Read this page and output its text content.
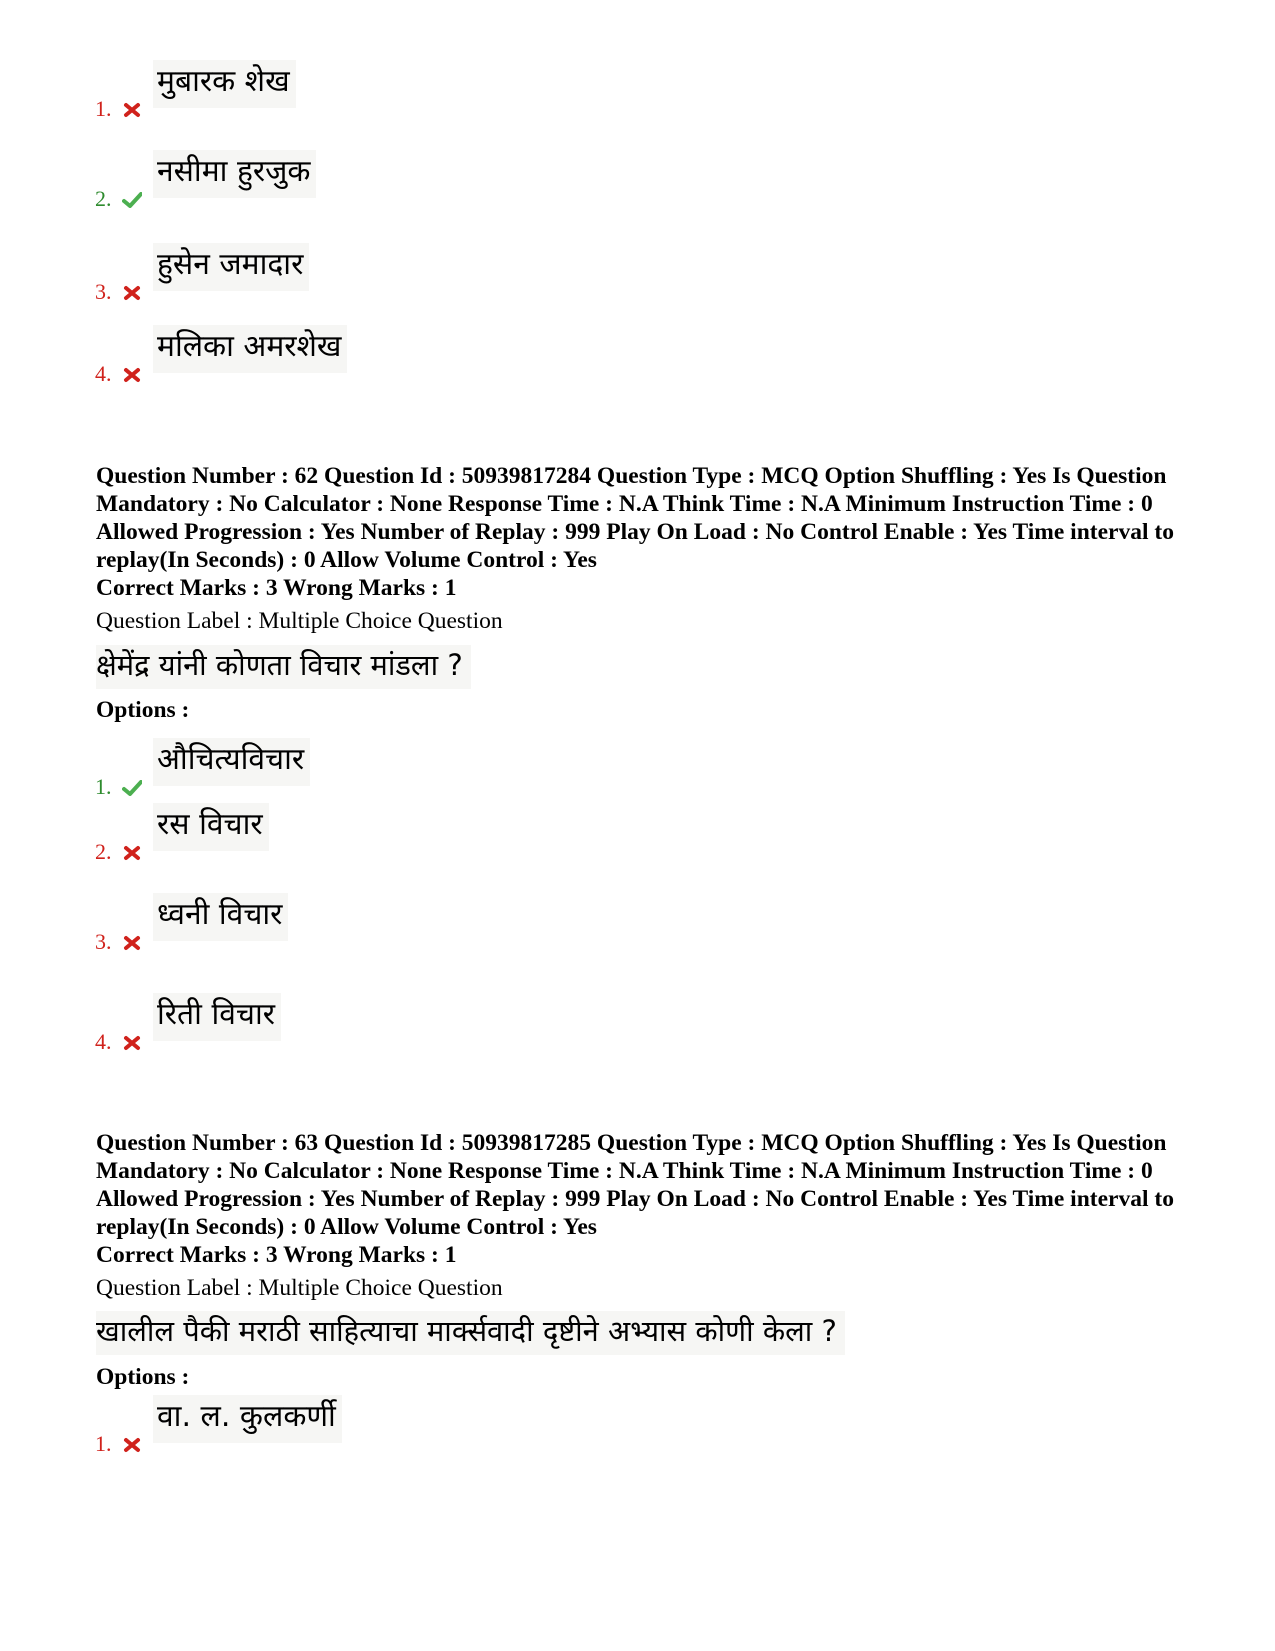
1.
मुबारक शेख
2.
नसीमा हुरजुक
3.
हुसेन जमादार
4.
मलिका अमरशेख
Question Number : 62 Question Id : 50939817284 Question Type : MCQ Option Shuffling : Yes Is Question Mandatory : No Calculator : None Response Time : N.A Think Time : N.A Minimum Instruction Time : 0 Allowed Progression : Yes Number of Replay : 999 Play On Load : No Control Enable : Yes Time interval to replay(In Seconds) : 0 Allow Volume Control : Yes
Correct Marks : 3 Wrong Marks : 1
Question Label : Multiple Choice Question
क्षेमेंद्र यांनी कोणता विचार मांडला ?
Options :
1.
औचित्यविचार
2.
रस विचार
3.
ध्वनी विचार
4.
रिती विचार
Question Number : 63 Question Id : 50939817285 Question Type : MCQ Option Shuffling : Yes Is Question Mandatory : No Calculator : None Response Time : N.A Think Time : N.A Minimum Instruction Time : 0 Allowed Progression : Yes Number of Replay : 999 Play On Load : No Control Enable : Yes Time interval to replay(In Seconds) : 0 Allow Volume Control : Yes
Correct Marks : 3 Wrong Marks : 1
Question Label : Multiple Choice Question
खालील पैकी मराठी साहित्याचा मार्क्सवादी दृष्टीने अभ्यास कोणी केला ?
Options :
1.
वा. ल. कुलकर्णी
